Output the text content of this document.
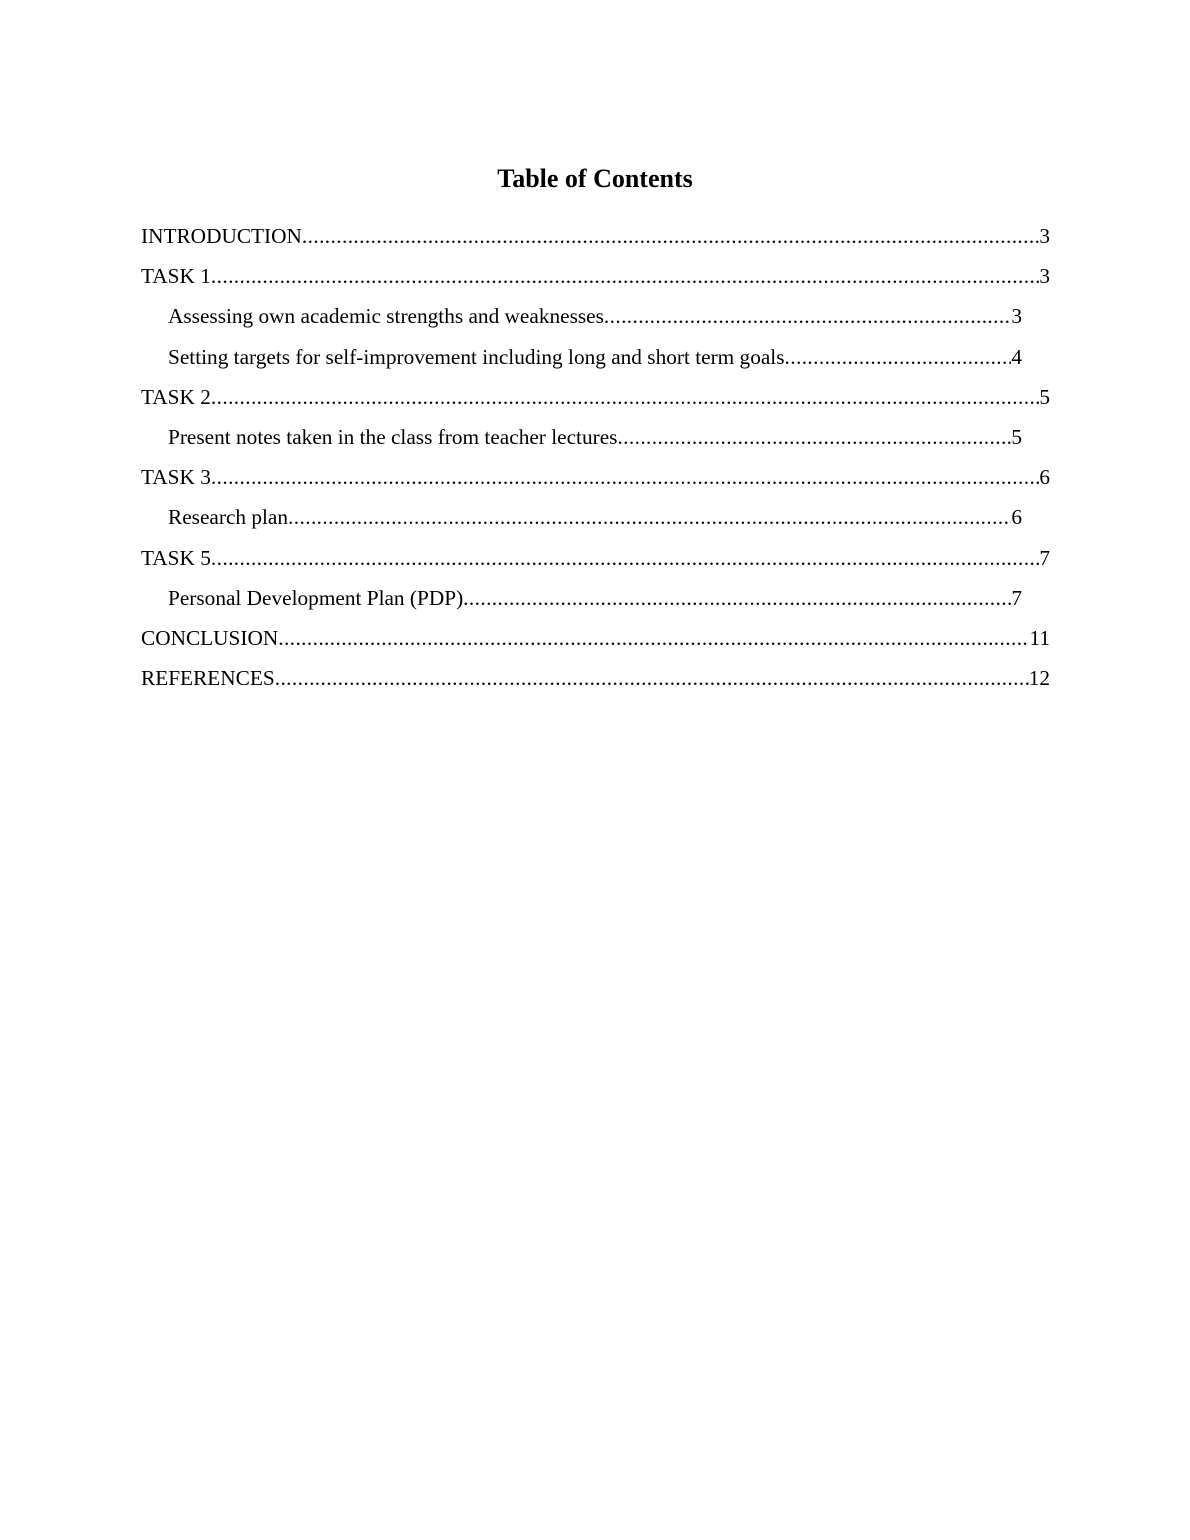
Table of Contents
INTRODUCTION .....	3
TASK 1 .....	3
Assessing own academic strengths and weaknesses .....	3
Setting targets for self-improvement including long and short term goals .....	4
TASK 2 .....	5
Present notes taken in the class from teacher lectures .....	5
TASK 3 .....	6
Research plan .....	6
TASK 5 .....	7
Personal Development Plan (PDP) .....	7
CONCLUSION .....	11
REFERENCES .....	12
